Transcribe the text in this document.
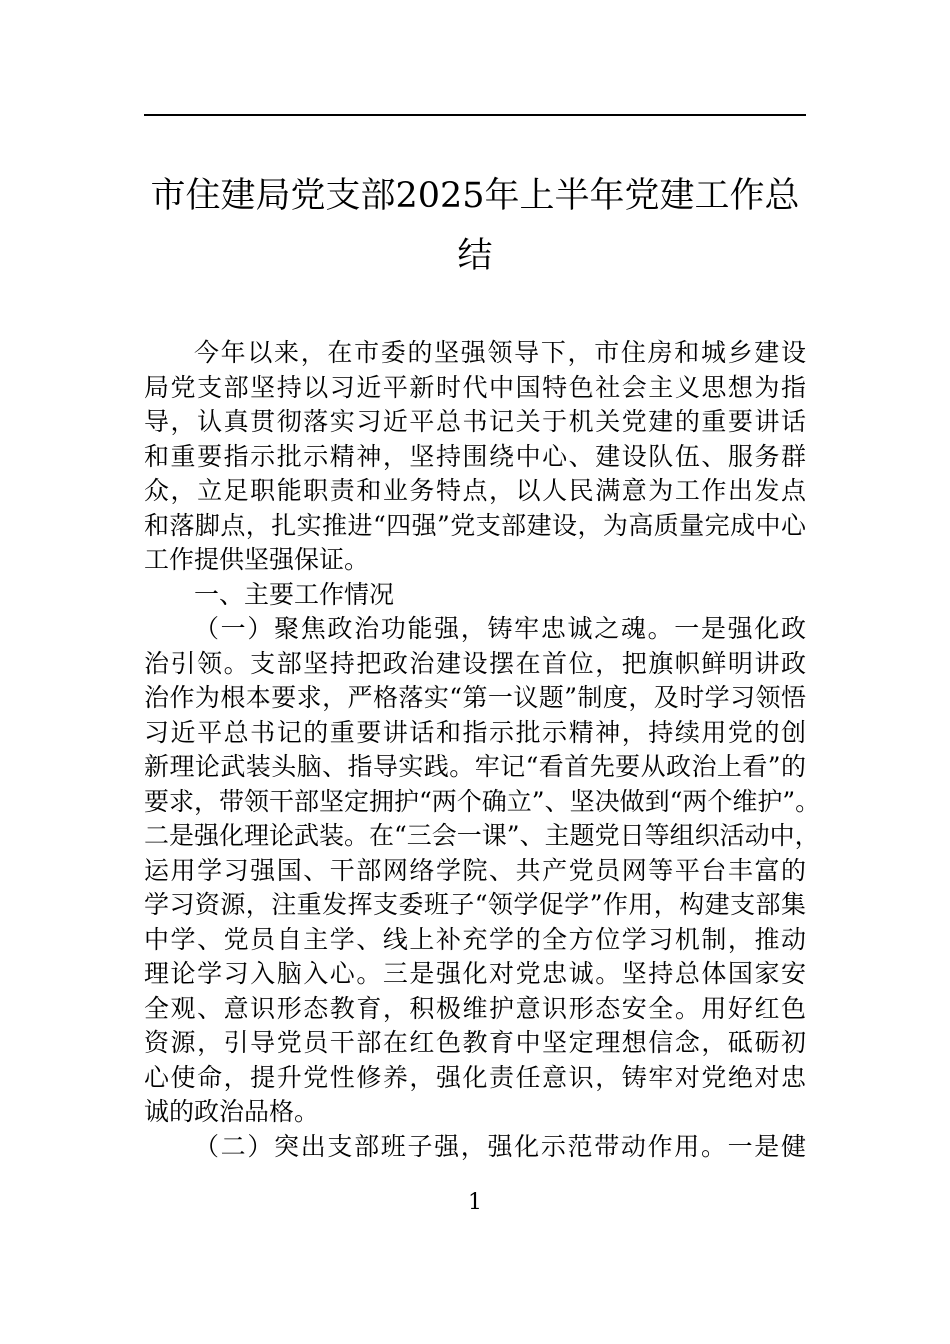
市住建局党支部2025年上半年党建工作总
结
今年以来，在市委的坚强领导下，市住房和城乡建设
局党支部坚持以习近平新时代中国特色社会主义思想为指
导，认真贯彻落实习近平总书记关于机关党建的重要讲话
和重要指示批示精神，坚持围绕中心、建设队伍、服务群
众，立足职能职责和业务特点，以人民满意为工作出发点
和落脚点，扎实推进“四强”党支部建设，为高质量完成中心
工作提供坚强保证。
一、主要工作情况
（一）聚焦政治功能强，铸牢忠诚之魂。一是强化政
治引领。支部坚持把政治建设摆在首位，把旗帜鲜明讲政
治作为根本要求，严格落实“第一议题”制度，及时学习领悟
习近平总书记的重要讲话和指示批示精神，持续用党的创
新理论武装头脑、指导实践。牢记“看首先要从政治上看”的
要求，带领干部坚定拥护“两个确立”、坚决做到“两个维护”。
二是强化理论武装。在“三会一课”、主题党日等组织活动中，
运用学习强国、干部网络学院、共产党员网等平台丰富的
学习资源，注重发挥支委班子“领学促学”作用，构建支部集
中学、党员自主学、线上补充学的全方位学习机制，推动
理论学习入脑入心。三是强化对党忠诚。坚持总体国家安
全观、意识形态教育，积极维护意识形态安全。用好红色
资源，引导党员干部在红色教育中坚定理想信念，砥砺初
心使命，提升党性修养，强化责任意识，铸牢对党绝对忠
诚的政治品格。
（二）突出支部班子强，强化示范带动作用。一是健
1
